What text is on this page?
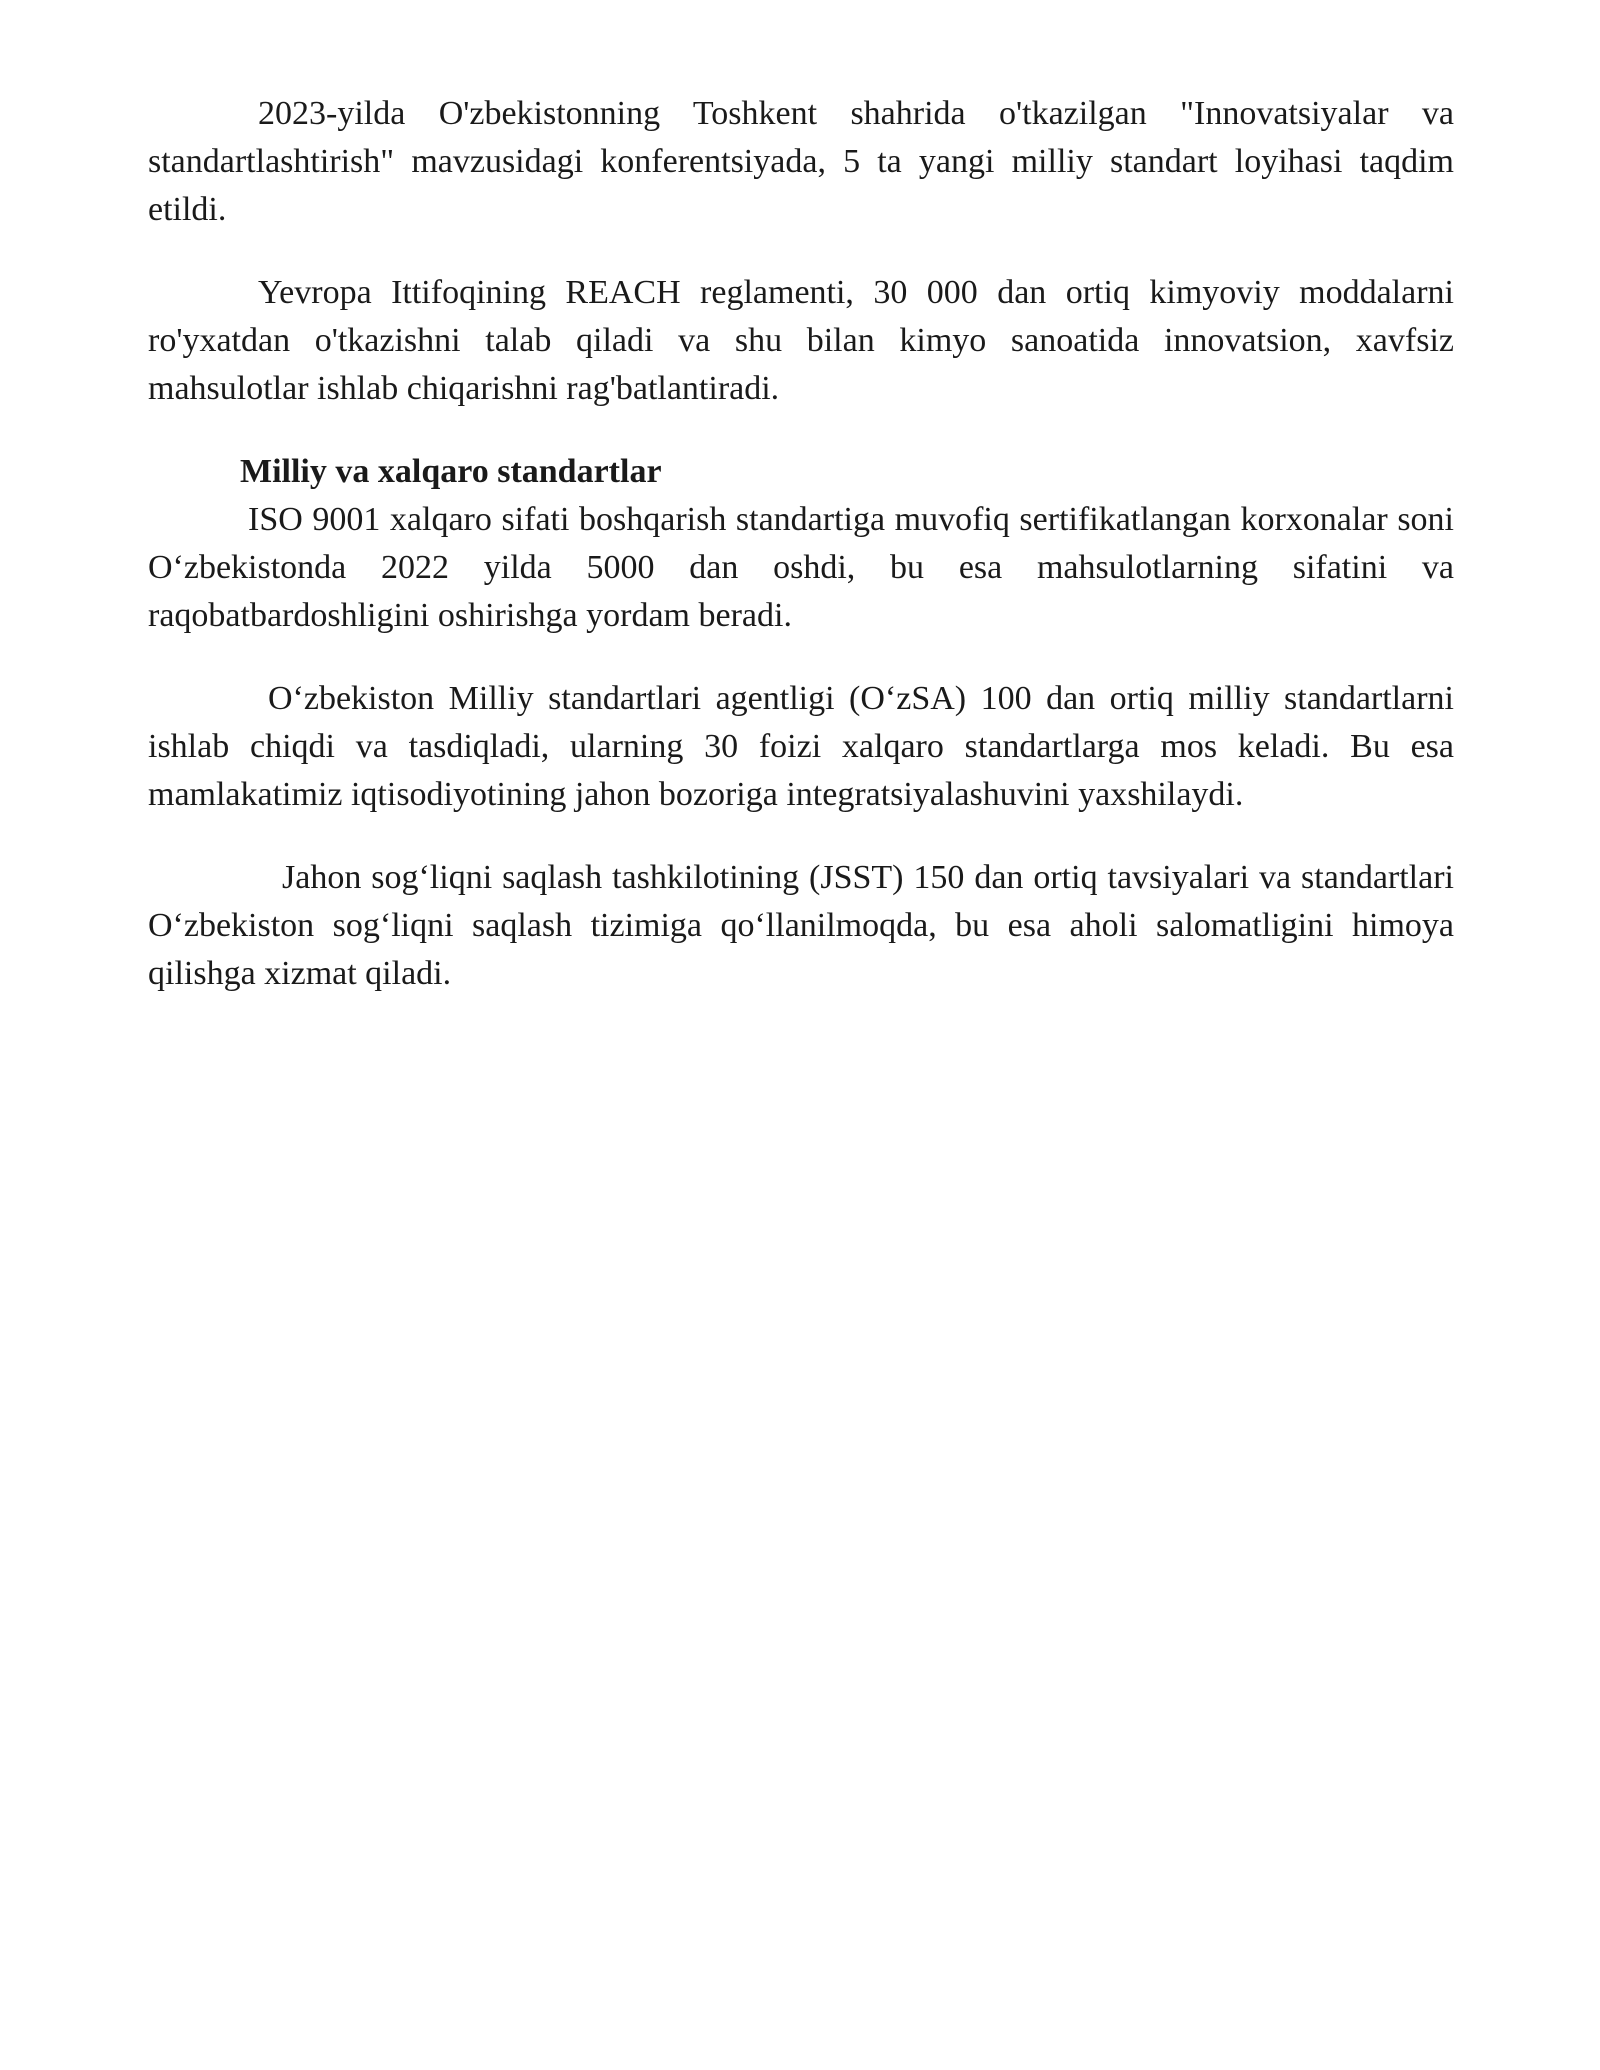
2023-yilda O'zbekistonning Toshkent shahrida o'tkazilgan "Innovatsiyalar va standartlashtirish" mavzusidagi konferentsiyada, 5 ta yangi milliy standart loyihasi taqdim etildi.

Yevropa Ittifoqining REACH reglamenti, 30 000 dan ortiq kimyoviy moddalarni ro'yxatdan o'tkazishni talab qiladi va shu bilan kimyo sanoatida innovatsion, xavfsiz mahsulotlar ishlab chiqarishni rag'batlantiradi.

Milliy va xalqaro standartlar

ISO 9001 xalqaro sifati boshqarish standartiga muvofiq sertifikatlangan korxonalar soni O‘zbekistonda 2022 yilda 5000 dan oshdi, bu esa mahsulotlarning sifatini va raqobatbardoshligini oshirishga yordam beradi.

O‘zbekiston Milliy standartlari agentligi (O‘zSA) 100 dan ortiq milliy standartlarni ishlab chiqdi va tasdiqladi, ularning 30 foizi xalqaro standartlarga mos keladi. Bu esa mamlakatimiz iqtisodiyotining jahon bozoriga integratsiyalashuvini yaxshilaydi.

Jahon sog‘liqni saqlash tashkilotining (JSST) 150 dan ortiq tavsiyalari va standartlari O‘zbekiston sog‘liqni saqlash tizimiga qo‘llanilmoqda, bu esa aholi salomatligini himoya qilishga xizmat qiladi.
